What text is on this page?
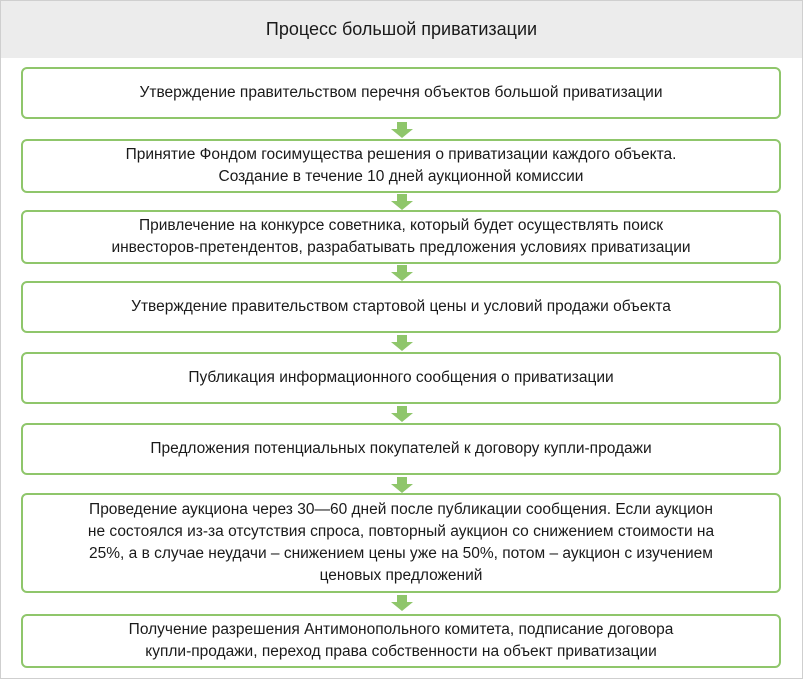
Процесс большой приватизации
Утверждение правительством перечня объектов большой приватизации
Принятие Фондом госимущества решения о приватизации каждого объекта.
Создание в течение 10 дней аукционной комиссии
Привлечение на конкурсе советника, который будет осуществлять поиск
инвесторов-претендентов, разрабатывать предложения условиях приватизации
Утверждение правительством стартовой цены и условий продажи объекта
Публикация информационного сообщения о приватизации
Предложения потенциальных покупателей к договору купли-продажи
Проведение аукциона через 30—60 дней после публикации сообщения. Если аукцион
не состоялся из-за отсутствия спроса, повторный аукцион со снижением стоимости на
25%, а в случае неудачи – снижением цены уже на 50%, потом – аукцион с изучением
ценовых предложений
Получение разрешения Антимонопольного комитета, подписание договора
купли-продажи, переход права собственности на объект приватизации
